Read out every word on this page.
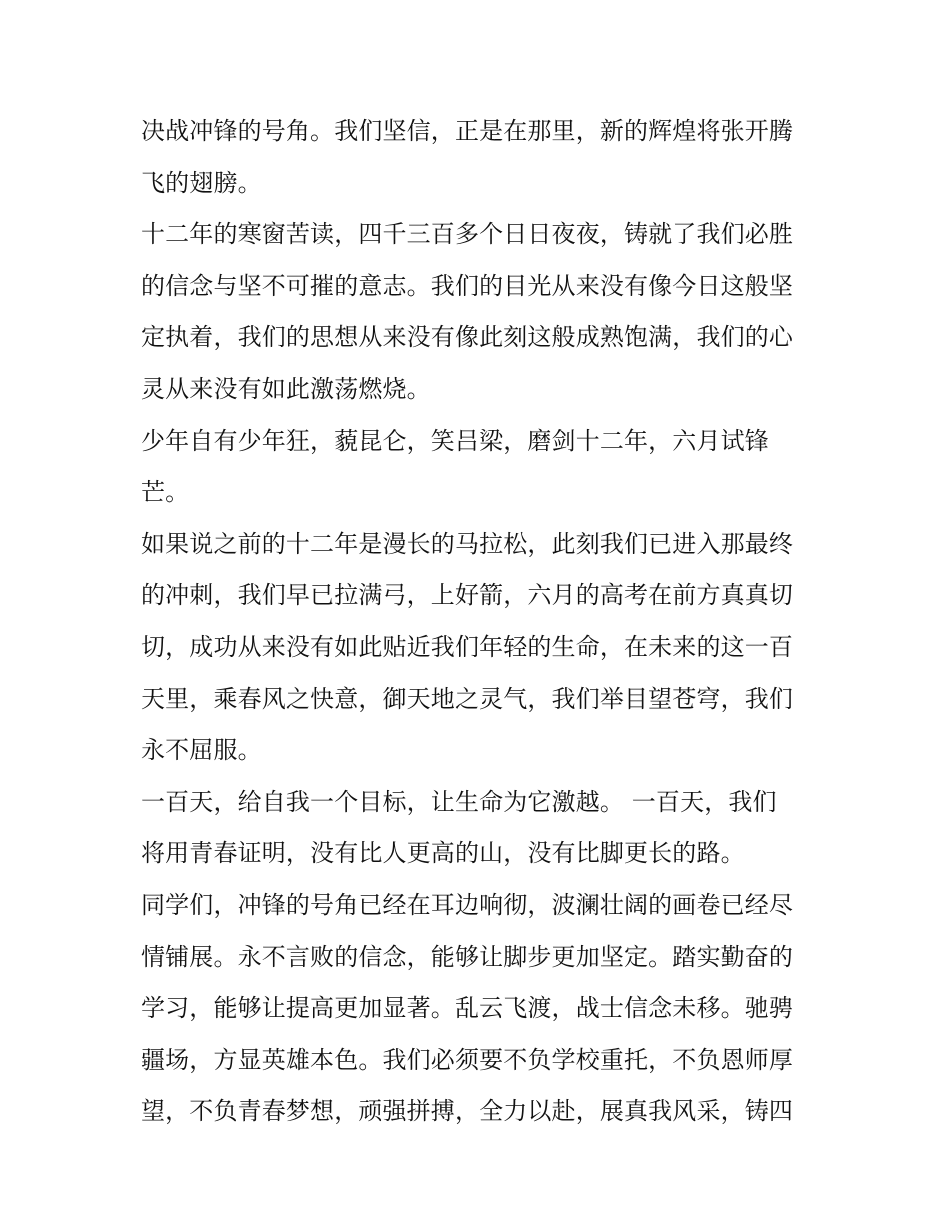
决战冲锋的号角。我们坚信，正是在那里，新的辉煌将张开腾
飞的翅膀。
十二年的寒窗苦读，四千三百多个日日夜夜，铸就了我们必胜
的信念与坚不可摧的意志。我们的目光从来没有像今日这般坚
定执着，我们的思想从来没有像此刻这般成熟饱满，我们的心
灵从来没有如此激荡燃烧。
少年自有少年狂，藐昆仑，笑吕梁，磨剑十二年，六月试锋
芒。
如果说之前的十二年是漫长的马拉松，此刻我们已进入那最终
的冲刺，我们早已拉满弓，上好箭，六月的高考在前方真真切
切，成功从来没有如此贴近我们年轻的生命，在未来的这一百
天里，乘春风之快意，御天地之灵气，我们举目望苍穹，我们
永不屈服。
一百天，给自我一个目标，让生命为它激越。 一百天，我们
将用青春证明，没有比人更高的山，没有比脚更长的路。
同学们，冲锋的号角已经在耳边响彻，波澜壮阔的画卷已经尽
情铺展。永不言败的信念，能够让脚步更加坚定。踏实勤奋的
学习，能够让提高更加显著。乱云飞渡，战士信念未移。驰骋
疆场，方显英雄本色。我们必须要不负学校重托，不负恩师厚
望，不负青春梦想，顽强拼搏，全力以赴，展真我风采，铸四
